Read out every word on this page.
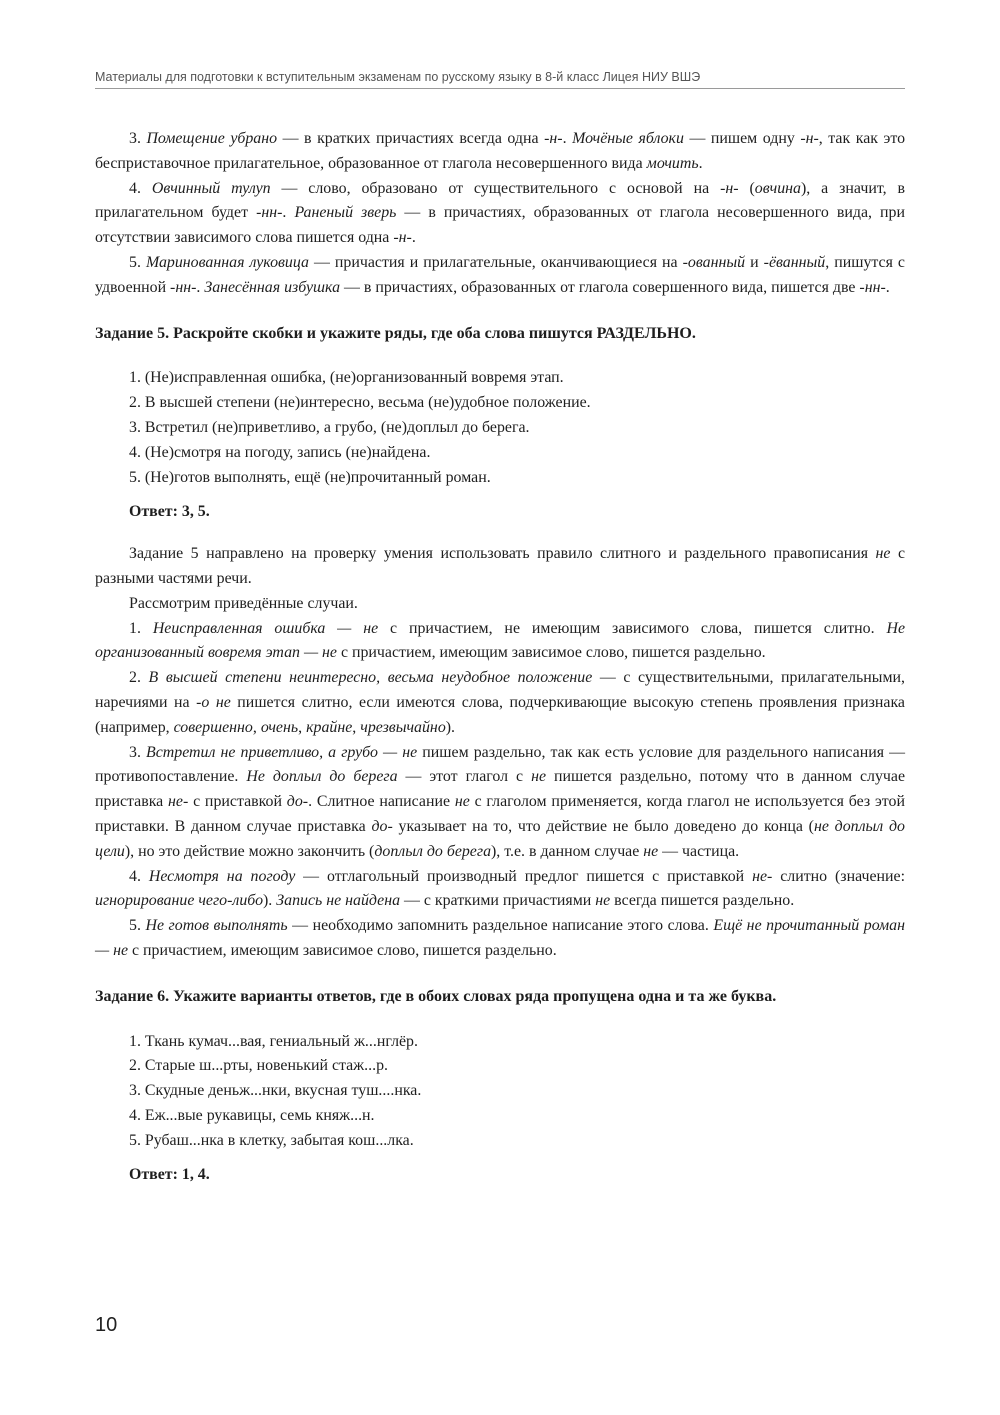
Материалы для подготовки к вступительным экзаменам по русскому языку в 8-й класс Лицея НИУ ВШЭ

3. Помещение убрано — в кратких причастиях всегда одна -н-. Мочёные яблоки — пишем одну -н-, так как это бесприставочное прилагательное, образованное от глагола несовершенного вида мочить.

4. Овчинный тулуп — слово, образовано от существительного с основой на -н- (овчина), а значит, в прилагательном будет -нн-. Раненый зверь — в причастиях, образованных от глагола несовершенного вида, при отсутствии зависимого слова пишется одна -н-.

5. Маринованная луковица — причастия и прилагательные, оканчивающиеся на -ованный и -ёванный, пишутся с удвоенной -нн-. Занесённая избушка — в причастиях, образованных от глагола совершенного вида, пишется две -нн-.

Задание 5. Раскройте скобки и укажите ряды, где оба слова пишутся РАЗДЕЛЬНО.

1. (Не)исправленная ошибка, (не)организованный вовремя этап.
2. В высшей степени (не)интересно, весьма (не)удобное положение.
3. Встретил (не)приветливо, а грубо, (не)доплыл до берега.
4. (Не)смотря на погоду, запись (не)найдена.
5. (Не)готов выполнять, ещё (не)прочитанный роман.

Ответ: 3, 5.

Задание 5 направлено на проверку умения использовать правило слитного и раздельного правописания не с разными частями речи.

Рассмотрим приведённые случаи.

1. Неисправленная ошибка — не с причастием, не имеющим зависимого слова, пишется слитно. Не организованный вовремя этап — не с причастием, имеющим зависимое слово, пишется раздельно.

2. В высшей степени неинтересно, весьма неудобное положение — с существительными, прилагательными, наречиями на -о не пишется слитно, если имеются слова, подчеркивающие высокую степень проявления признака (например, совершенно, очень, крайне, чрезвычайно).

3. Встретил не приветливо, а грубо — не пишем раздельно, так как есть условие для раздельного написания — противопоставление. Не доплыл до берега — этот глагол с не пишется раздельно, потому что в данном случае приставка не- с приставкой до-. Слитное написание не с глаголом применяется, когда глагол не используется без этой приставки. В данном случае приставка до- указывает на то, что действие не было доведено до конца (не доплыл до цели), но это действие можно закончить (доплыл до берега), т.е. в данном случае не — частица.

4. Несмотря на погоду — отглагольный производный предлог пишется с приставкой не- слитно (значение: игнорирование чего-либо). Запись не найдена — с краткими причастиями не всегда пишется раздельно.

5. Не готов выполнять — необходимо запомнить раздельное написание этого слова. Ещё не прочитанный роман — не с причастием, имеющим зависимое слово, пишется раздельно.

Задание 6. Укажите варианты ответов, где в обоих словах ряда пропущена одна и та же буква.

1. Ткань кумач...вая, гениальный ж...нглёр.
2. Старые ш...рты, новенький стаж...р.
3. Скудные деньж...нки, вкусная туш....нка.
4. Еж...вые рукавицы, семь княж...н.
5. Рубаш...нка в клетку, забытая кош...лка.

Ответ: 1, 4.

10
